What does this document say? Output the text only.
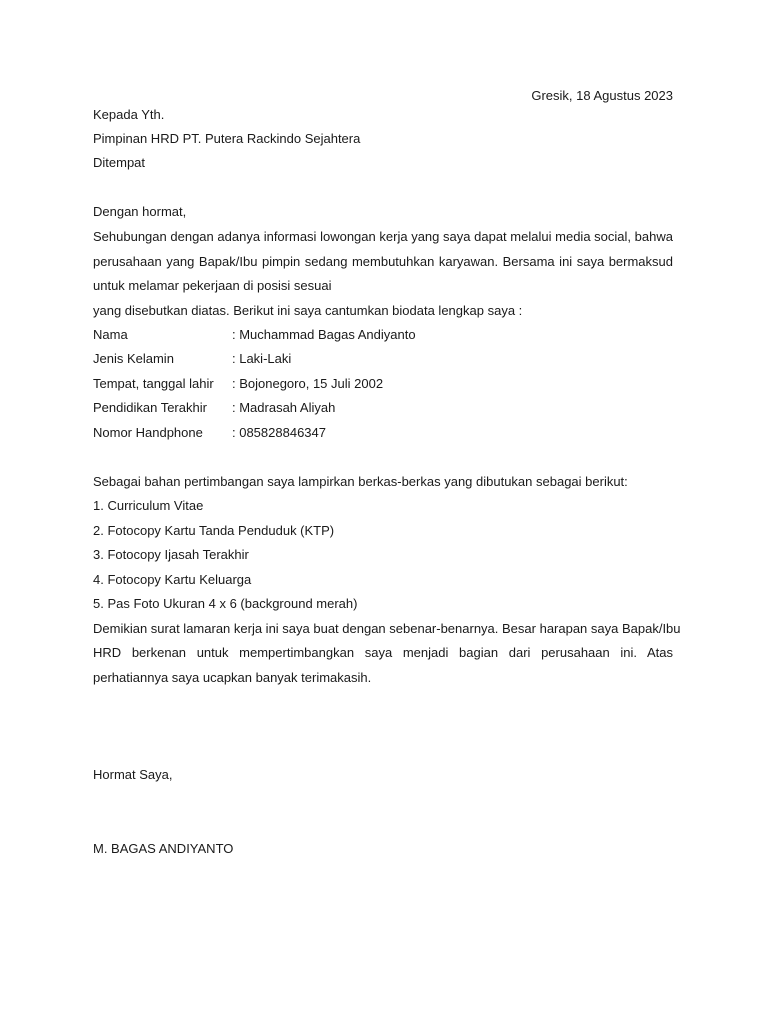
Gresik, 18 Agustus 2023
Kepada Yth.
Pimpinan HRD PT. Putera Rackindo Sejahtera
Ditempat
Dengan hormat,
Sehubungan dengan adanya informasi lowongan kerja yang saya dapat melalui media social, bahwa
perusahaan yang Bapak/Ibu pimpin sedang membutuhkan karyawan. Bersama ini saya bermaksud
untuk melamar pekerjaan di posisi sesuai
yang disebutkan diatas. Berikut ini saya cantumkan biodata lengkap saya :
Nama	: Muchammad Bagas Andiyanto
Jenis Kelamin	: Laki-Laki
Tempat, tanggal lahir : Bojonegoro, 15 Juli 2002
Pendidikan Terakhir : Madrasah Aliyah
Nomor Handphone : 085828846347
Sebagai bahan pertimbangan saya lampirkan berkas-berkas yang dibutukan sebagai berikut:
1. Curriculum Vitae
2. Fotocopy Kartu Tanda Penduduk (KTP)
3. Fotocopy Ijasah Terakhir
4. Fotocopy Kartu Keluarga
5. Pas Foto Ukuran 4 x 6 (background merah)
Demikian surat lamaran kerja ini saya buat dengan sebenar-benarnya. Besar harapan saya Bapak/Ibu
HRD berkenan untuk mempertimbangkan saya menjadi bagian dari perusahaan ini. Atas
perhatiannya saya ucapkan banyak terimakasih.
Hormat Saya,
M. BAGAS ANDIYANTO
